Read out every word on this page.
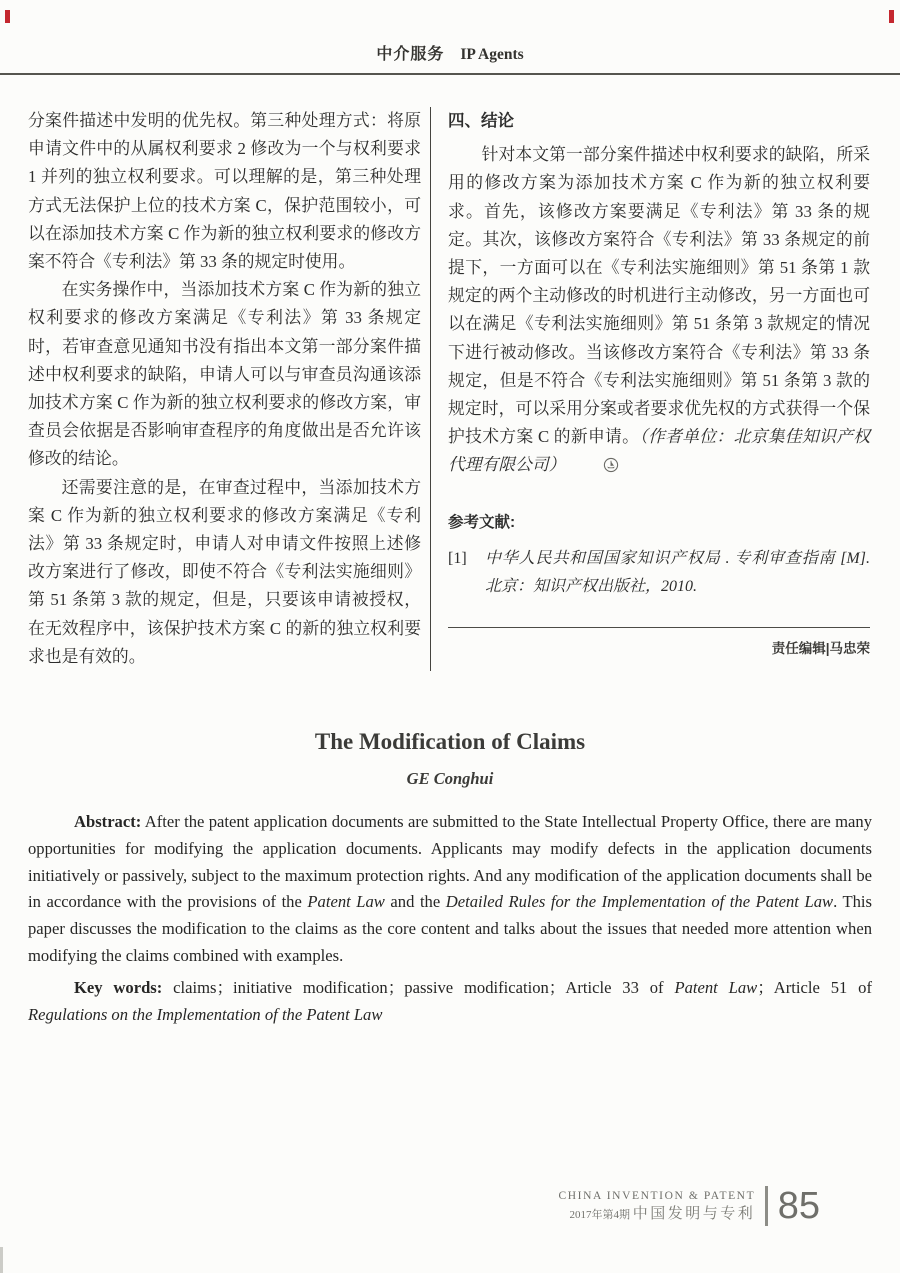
中介服务 IP Agents

分案件描述中发明的优先权。第三种处理方式：将原申请文件中的从属权利要求 2 修改为一个与权利要求 1 并列的独立权利要求。可以理解的是，第三种处理方式无法保护上位的技术方案 C，保护范围较小，可以在添加技术方案 C 作为新的独立权利要求的修改方案不符合《专利法》第 33 条的规定时使用。

在实务操作中，当添加技术方案 C 作为新的独立权利要求的修改方案满足《专利法》第 33 条规定时，若审查意见通知书没有指出本文第一部分案件描述中权利要求的缺陷，申请人可以与审查员沟通该添加技术方案 C 作为新的独立权利要求的修改方案，审查员会依据是否影响审查程序的角度做出是否允许该修改的结论。

还需要注意的是，在审查过程中，当添加技术方案 C 作为新的独立权利要求的修改方案满足《专利法》第 33 条规定时，申请人对申请文件按照上述修改方案进行了修改，即使不符合《专利法实施细则》第 51 条第 3 款的规定，但是，只要该申请被授权，在无效程序中，该保护技术方案 C 的新的独立权利要求也是有效的。

四、结论

针对本文第一部分案件描述中权利要求的缺陷，所采用的修改方案为添加技术方案 C 作为新的独立权利要求。首先，该修改方案要满足《专利法》第 33 条的规定。其次，该修改方案符合《专利法》第 33 条规定的前提下，一方面可以在《专利法实施细则》第 51 条第 1 款规定的两个主动修改的时机进行主动修改，另一方面也可以在满足《专利法实施细则》第 51 条第 3 款规定的情况下进行被动修改。当该修改方案符合《专利法》第 33 条规定，但是不符合《专利法实施细则》第 51 条第 3 款的规定时，可以采用分案或者要求优先权的方式获得一个保护技术方案 C 的新申请。（作者单位：北京集佳知识产权代理有限公司）

参考文献:

[1] 中华人民共和国国家知识产权局 . 专利审查指南 [M]. 北京：知识产权出版社，2010.
责任编辑|马忠荣
The Modification of Claims

GE Conghui

Abstract: After the patent application documents are submitted to the State Intellectual Property Office, there are many opportunities for modifying the application documents. Applicants may modify defects in the application documents initiatively or passively, subject to the maximum protection rights. And any modification of the application documents shall be in accordance with the provisions of the Patent Law and the Detailed Rules for the Implementation of the Patent Law. This paper discusses the modification to the claims as the core content and talks about the issues that needed more attention when modifying the claims combined with examples.

Key words: claims；initiative modification；passive modification；Article 33 of Patent Law；Article 51 of Regulations on the Implementation of the Patent Law

CHINA INVENTION & PATENT
2017年第4期 中国发明与专利 85
